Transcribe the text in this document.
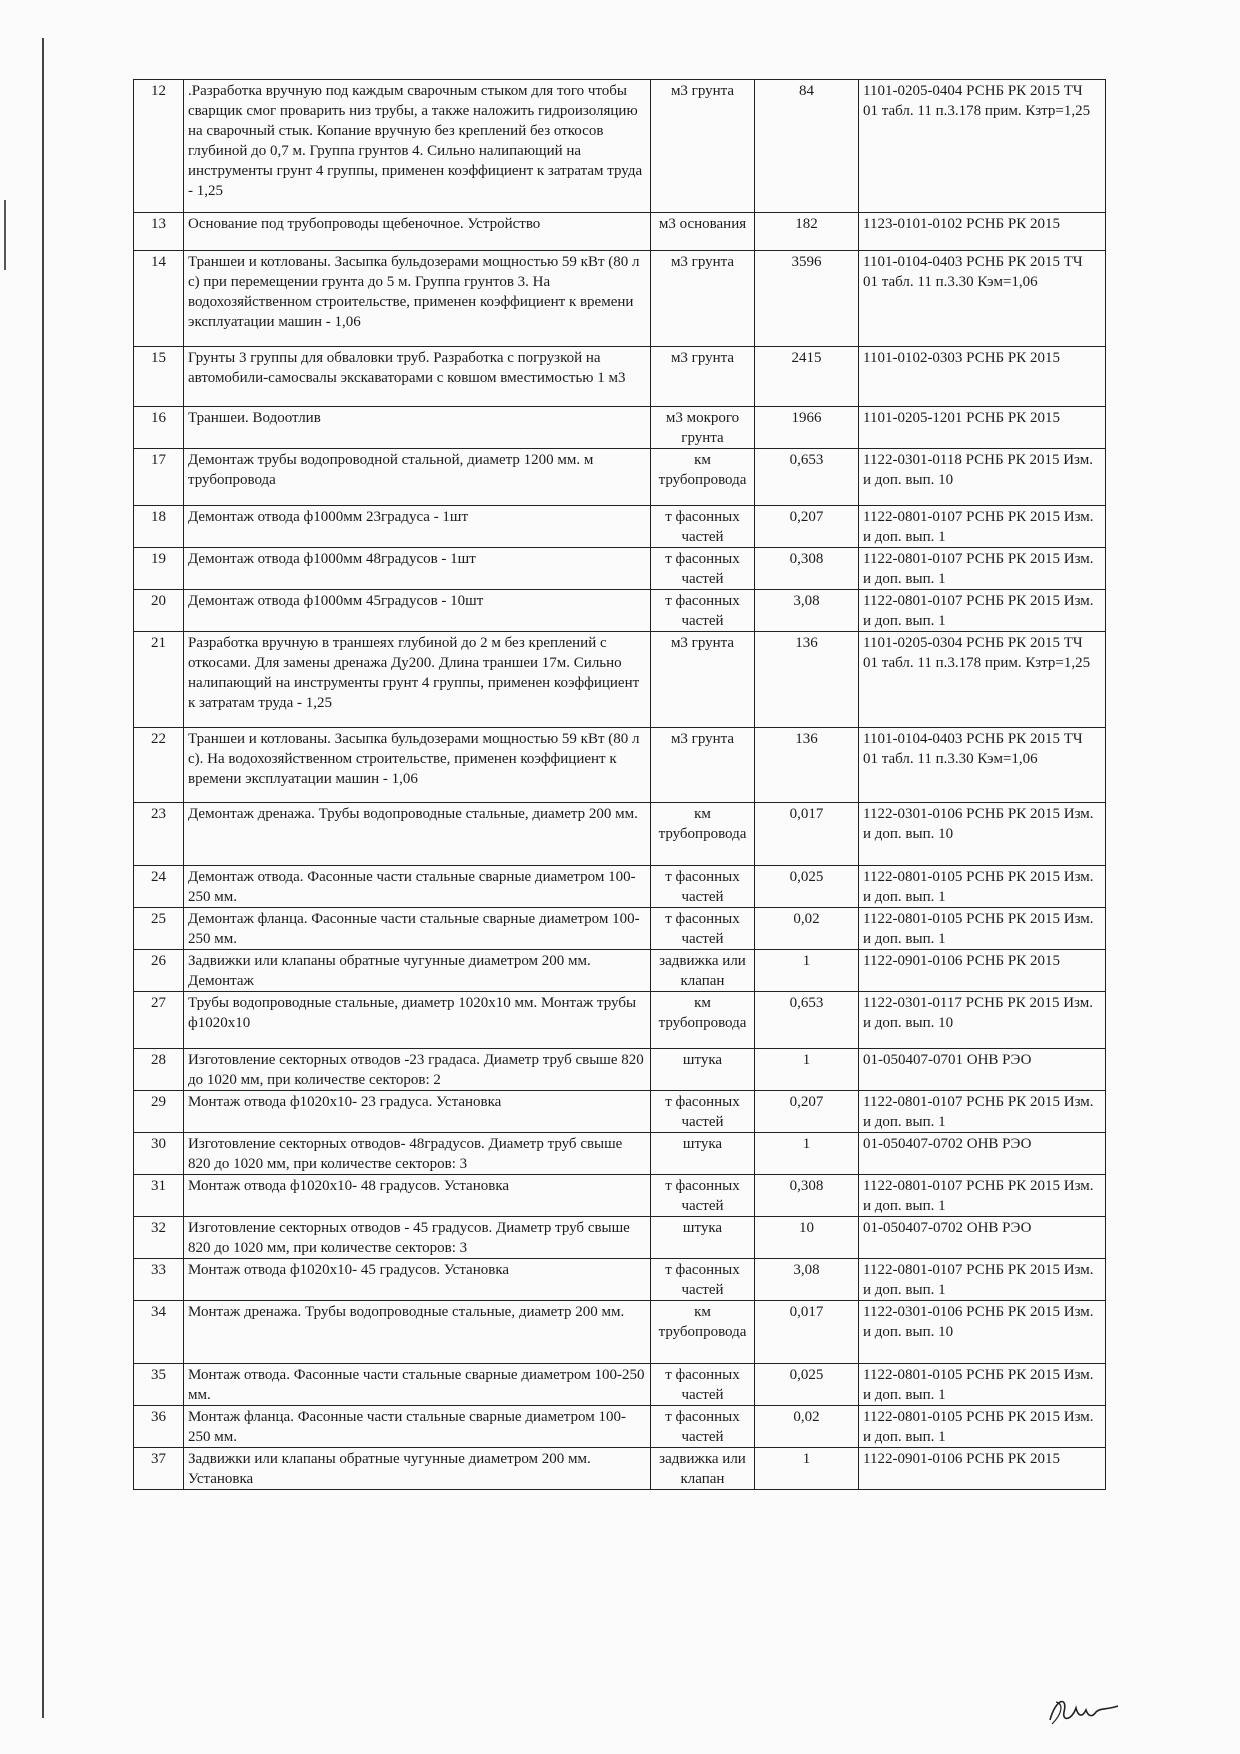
12	.Разработка вручную под каждым сварочным стыком для того чтобы сварщик смог проварить низ трубы, а также наложить гидроизоляцию на сварочный стык. Копание вручную без креплений без откосов глубиной до 0,7 м. Группа грунтов 4. Сильно налипающий на инструменты грунт 4 группы, применен коэффициент к затратам труда - 1,25	м3 грунта	84	1101-0205-0404 РСНБ РК 2015 ТЧ 01 табл. 11 п.3.178 прим. Кзтр=1,25
13	Основание под трубопроводы щебеночное. Устройство	м3 основания	182	1123-0101-0102 РСНБ РК 2015
14	Траншеи и котлованы. Засыпка бульдозерами мощностью 59 кВт (80 л с) при перемещении грунта до 5 м. Группа грунтов 3. На водохозяйственном строительстве, применен коэффициент к времени эксплуатации машин - 1,06	м3 грунта	3596	1101-0104-0403 РСНБ РК 2015 ТЧ 01 табл. 11 п.3.30 Кэм=1,06
15	Грунты 3 группы для обваловки труб. Разработка с погрузкой на автомобили-самосвалы экскаваторами с ковшом вместимостью 1 м3	м3 грунта	2415	1101-0102-0303 РСНБ РК 2015
16	Траншеи. Водоотлив	м3 мокрого грунта	1966	1101-0205-1201 РСНБ РК 2015
17	Демонтаж трубы водопроводной стальной, диаметр 1200 мм. м трубопровода	км трубопровода	0,653	1122-0301-0118 РСНБ РК 2015 Изм. и доп. вып. 10
18	Демонтаж отвода ф1000мм 23градуса - 1шт	т фасонных частей	0,207	1122-0801-0107 РСНБ РК 2015 Изм. и доп. вып. 1
19	Демонтаж отвода ф1000мм 48градусов - 1шт	т фасонных частей	0,308	1122-0801-0107 РСНБ РК 2015 Изм. и доп. вып. 1
20	Демонтаж отвода ф1000мм 45градусов - 10шт	т фасонных частей	3,08	1122-0801-0107 РСНБ РК 2015 Изм. и доп. вып. 1
21	Разработка вручную в траншеях глубиной до 2 м без креплений с откосами. Для замены дренажа Ду200. Длина траншеи 17м. Сильно налипающий на инструменты грунт 4 группы, применен коэффициент к затратам труда - 1,25	м3 грунта	136	1101-0205-0304 РСНБ РК 2015 ТЧ 01 табл. 11 п.3.178 прим. Кзтр=1,25
22	Траншеи и котлованы. Засыпка бульдозерами мощностью 59 кВт (80 л с). На водохозяйственном строительстве, применен коэффициент к времени эксплуатации машин - 1,06	м3 грунта	136	1101-0104-0403 РСНБ РК 2015 ТЧ 01 табл. 11 п.3.30 Кэм=1,06
23	Демонтаж дренажа. Трубы водопроводные стальные, диаметр 200 мм.	км трубопровода	0,017	1122-0301-0106 РСНБ РК 2015 Изм. и доп. вып. 10
24	Демонтаж отвода. Фасонные части стальные сварные диаметром 100-250 мм.	т фасонных частей	0,025	1122-0801-0105 РСНБ РК 2015 Изм. и доп. вып. 1
25	Демонтаж фланца. Фасонные части стальные сварные диаметром 100-250 мм.	т фасонных частей	0,02	1122-0801-0105 РСНБ РК 2015 Изм. и доп. вып. 1
26	Задвижки или клапаны обратные чугунные диаметром 200 мм. Демонтаж	задвижка или клапан	1	1122-0901-0106 РСНБ РК 2015
27	Трубы водопроводные стальные, диаметр 1020х10 мм. Монтаж трубы ф1020х10	км трубопровода	0,653	1122-0301-0117 РСНБ РК 2015 Изм. и доп. вып. 10
28	Изготовление секторных отводов -23 градаса. Диаметр труб свыше 820 до 1020 мм, при количестве секторов: 2	штука	1	01-050407-0701 ОНВ РЭО
29	Монтаж отвода ф1020х10- 23 градуса. Установка	т фасонных частей	0,207	1122-0801-0107 РСНБ РК 2015 Изм. и доп. вып. 1
30	Изготовление секторных отводов- 48градусов. Диаметр труб свыше 820 до 1020 мм, при количестве секторов: 3	штука	1	01-050407-0702 ОНВ РЭО
31	Монтаж отвода ф1020х10- 48 градусов. Установка	т фасонных частей	0,308	1122-0801-0107 РСНБ РК 2015 Изм. и доп. вып. 1
32	Изготовление секторных отводов - 45 градусов. Диаметр труб свыше 820 до 1020 мм, при количестве секторов: 3	штука	10	01-050407-0702 ОНВ РЭО
33	Монтаж отвода ф1020х10- 45 градусов. Установка	т фасонных частей	3,08	1122-0801-0107 РСНБ РК 2015 Изм. и доп. вып. 1
34	Монтаж дренажа. Трубы водопроводные стальные, диаметр 200 мм.	км трубопровода	0,017	1122-0301-0106 РСНБ РК 2015 Изм. и доп. вып. 10
35	Монтаж отвода. Фасонные части стальные сварные диаметром 100-250 мм.	т фасонных частей	0,025	1122-0801-0105 РСНБ РК 2015 Изм. и доп. вып. 1
36	Монтаж фланца. Фасонные части стальные сварные диаметром 100-250 мм.	т фасонных частей	0,02	1122-0801-0105 РСНБ РК 2015 Изм. и доп. вып. 1
37	Задвижки или клапаны обратные чугунные диаметром 200 мм. Установка	задвижка или клапан	1	1122-0901-0106 РСНБ РК 2015
